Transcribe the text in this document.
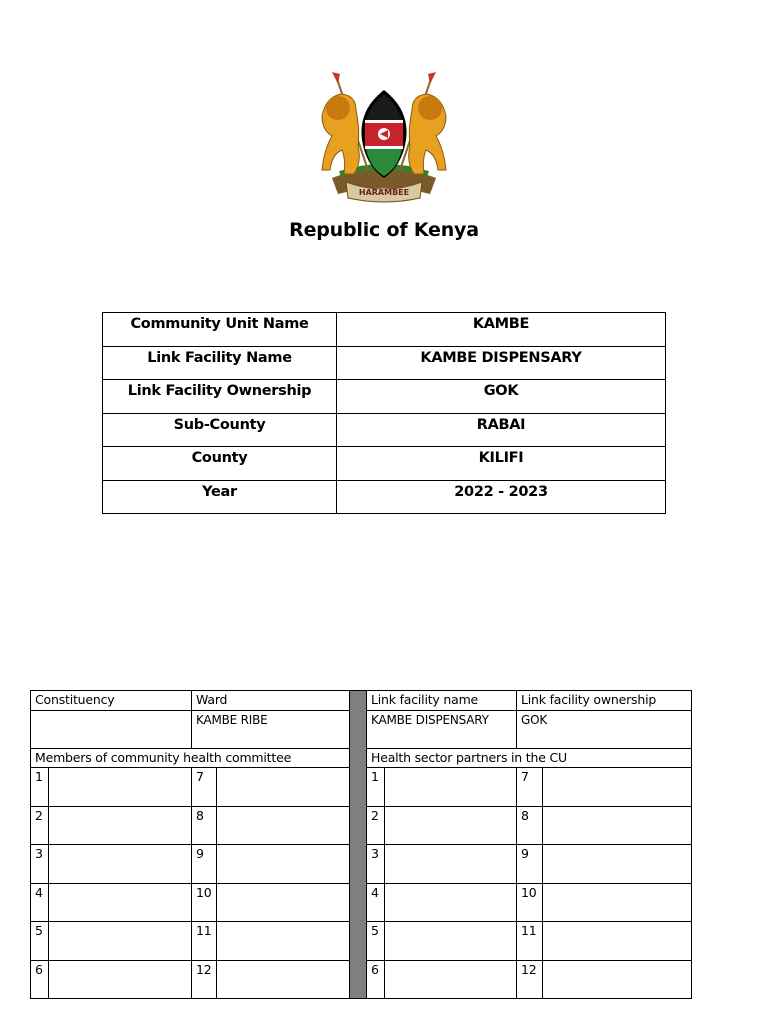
HARAMBEE
Republic of Kenya
Community Unit Name	KAMBE
Link Facility Name	KAMBE DISPENSARY
Link Facility Ownership	GOK
Sub-County	RABAI
County	KILIFI
Year	2022 - 2023
Constituency		Ward			Link facility name		Link facility ownership	
		KAMBE RIBE			KAMBE DISPENSARY		GOK	
Members of community health committee					Health sector partners in the CU			
1		7			1		7	
2		8			2		8	
3		9			3		9	
4		10			4		10	
5		11			5		11	
6		12			6		12	
